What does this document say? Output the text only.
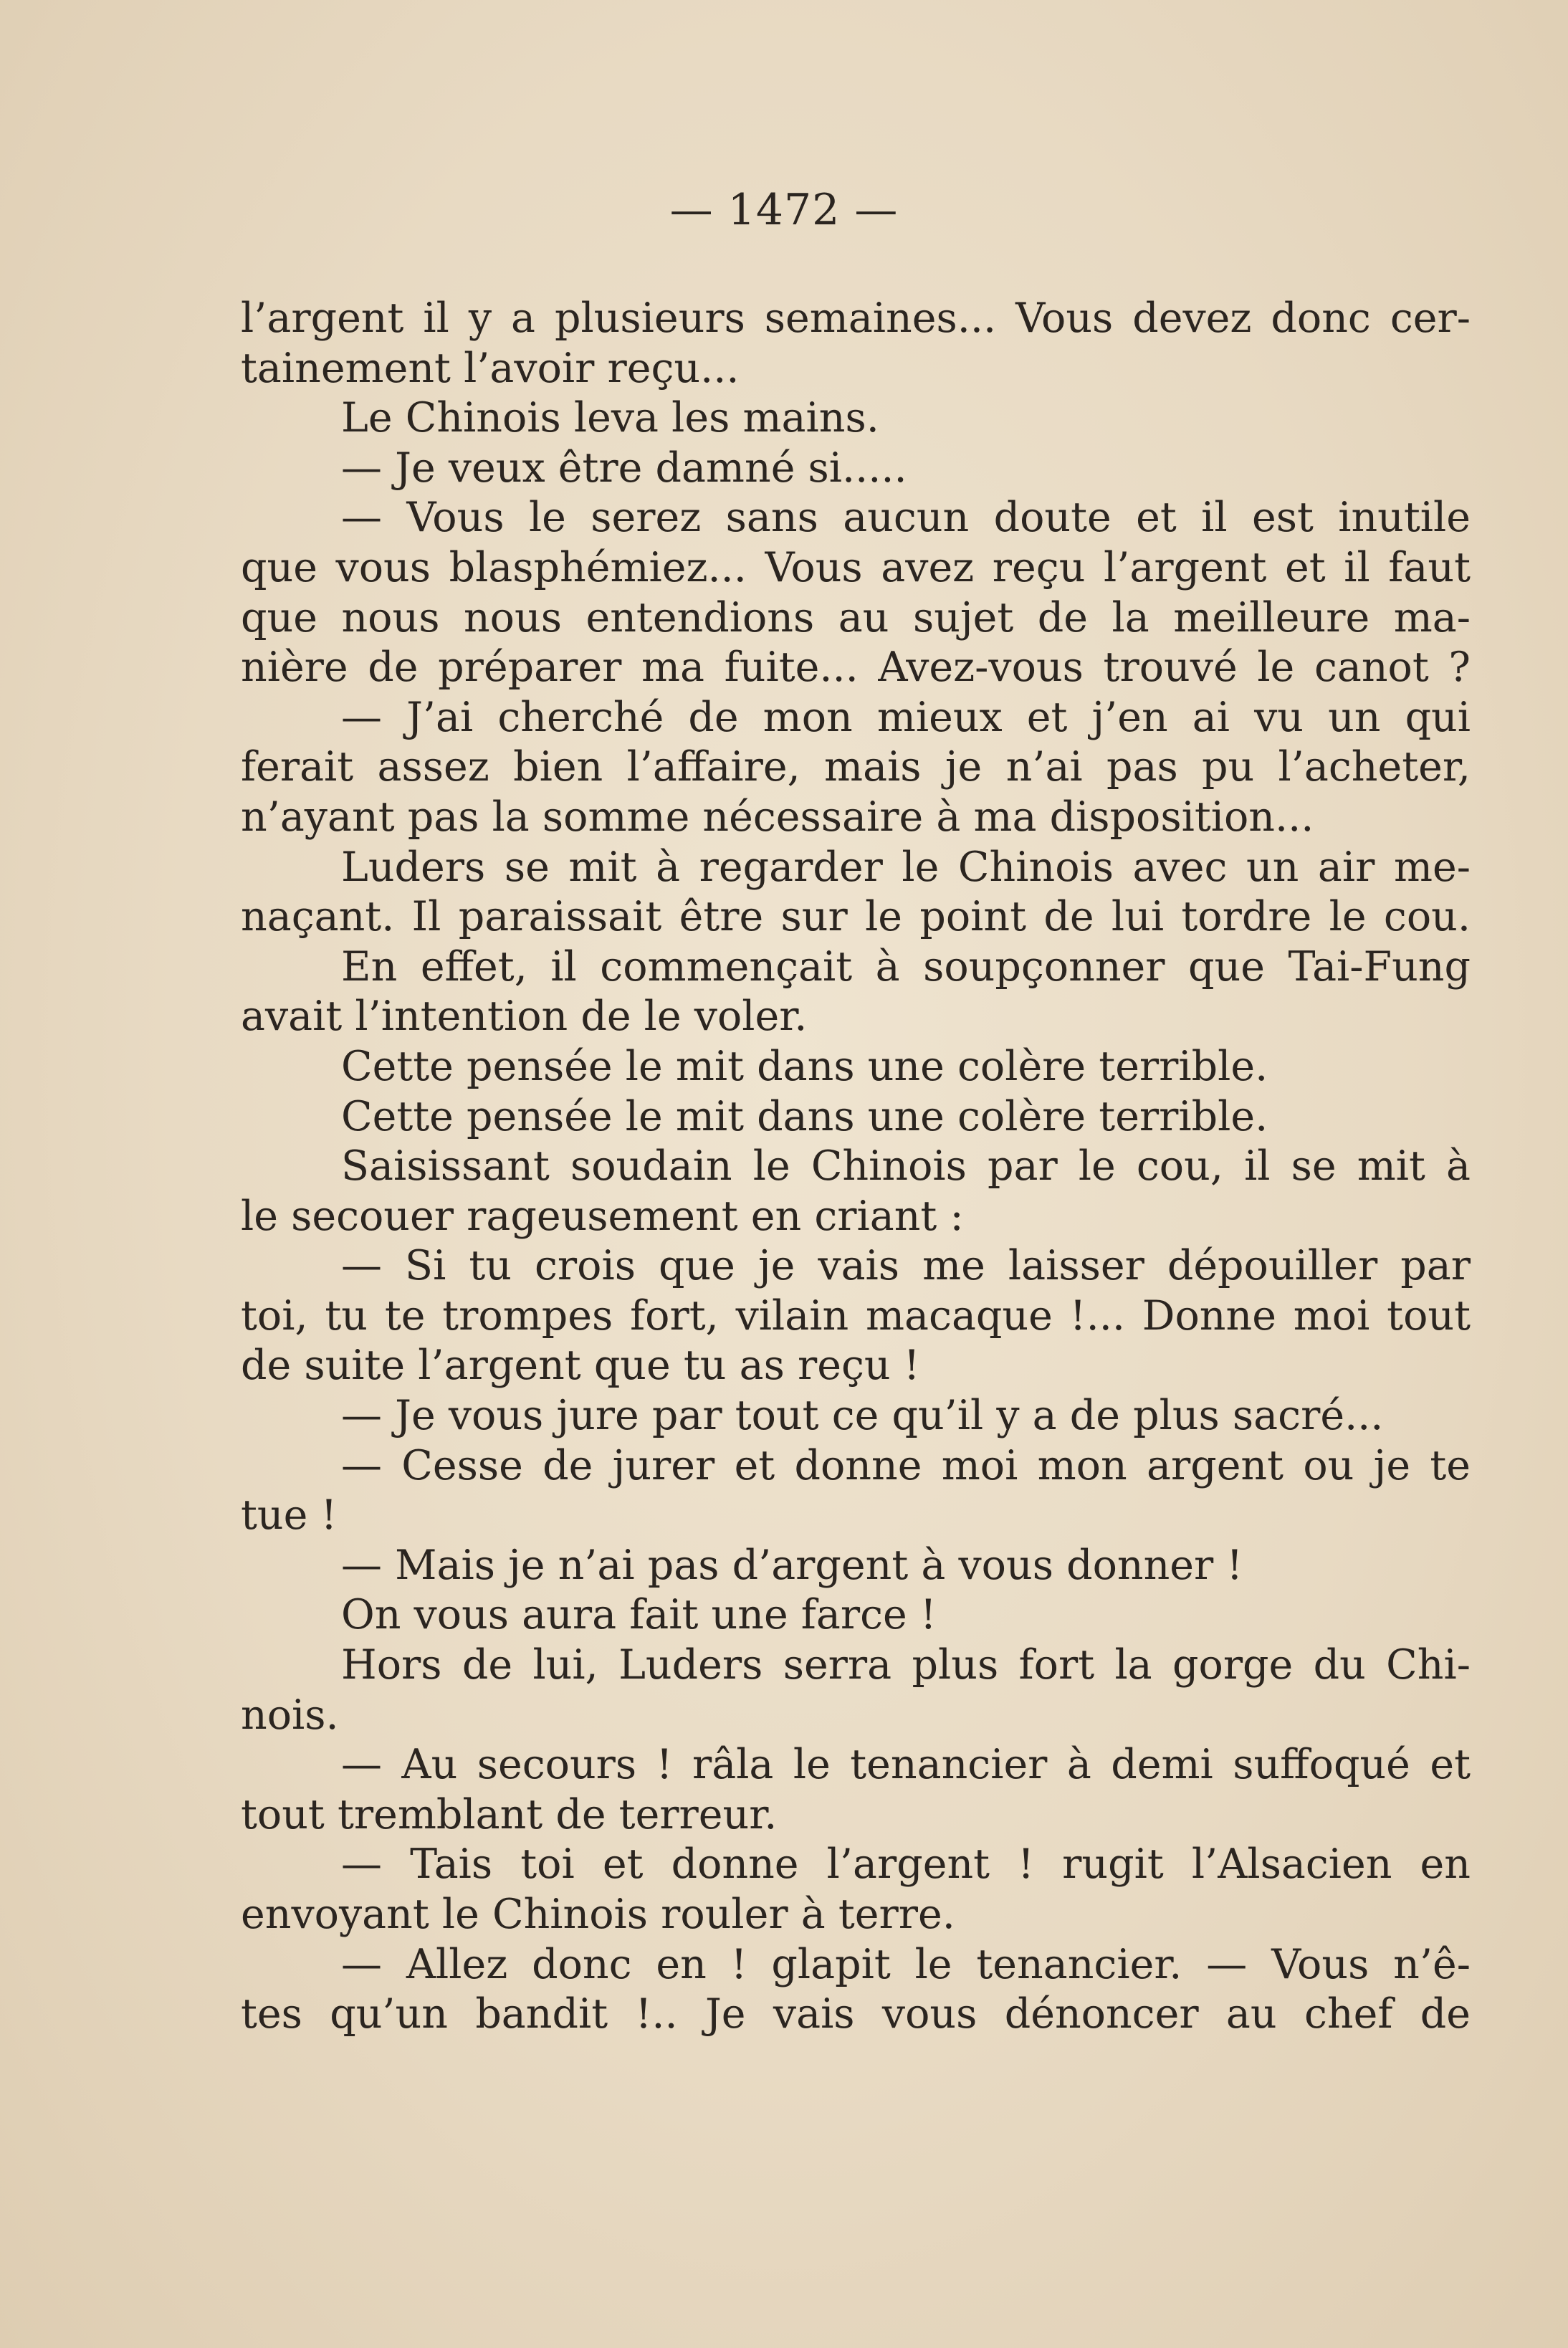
— 1472 —
l’argent il y a plusieurs semaines... Vous devez donc cer-
tainement l’avoir reçu...
Le Chinois leva les mains.
— Je veux être damné si.....
— Vous le serez sans aucun doute et il est inutile
que vous blasphémiez... Vous avez reçu l’argent et il faut
que nous nous entendions au sujet de la meilleure ma-
nière de préparer ma fuite... Avez-vous trouvé le canot ?
— J’ai cherché de mon mieux et j’en ai vu un qui
ferait assez bien l’affaire, mais je n’ai pas pu l’acheter,
n’ayant pas la somme nécessaire à ma disposition...
Luders se mit à regarder le Chinois avec un air me-
naçant. Il paraissait être sur le point de lui tordre le cou.
En effet, il commençait à soupçonner que Tai-Fung
avait l’intention de le voler.
Cette pensée le mit dans une colère terrible.
Cette pensée le mit dans une colère terrible.
Saisissant soudain le Chinois par le cou, il se mit à
le secouer rageusement en criant :
— Si tu crois que je vais me laisser dépouiller par
toi, tu te trompes fort, vilain macaque !... Donne moi tout
de suite l’argent que tu as reçu !
— Je vous jure par tout ce qu’il y a de plus sacré...
— Cesse de jurer et donne moi mon argent ou je te
tue !
— Mais je n’ai pas d’argent à vous donner !
On vous aura fait une farce !
Hors de lui, Luders serra plus fort la gorge du Chi-
nois.
— Au secours ! râla le tenancier à demi suffoqué et
tout tremblant de terreur.
— Tais toi et donne l’argent ! rugit l’Alsacien en
envoyant le Chinois rouler à terre.
— Allez donc en ! glapit le tenancier. — Vous n’ê-
tes qu’un bandit !.. Je vais vous dénoncer au chef de
